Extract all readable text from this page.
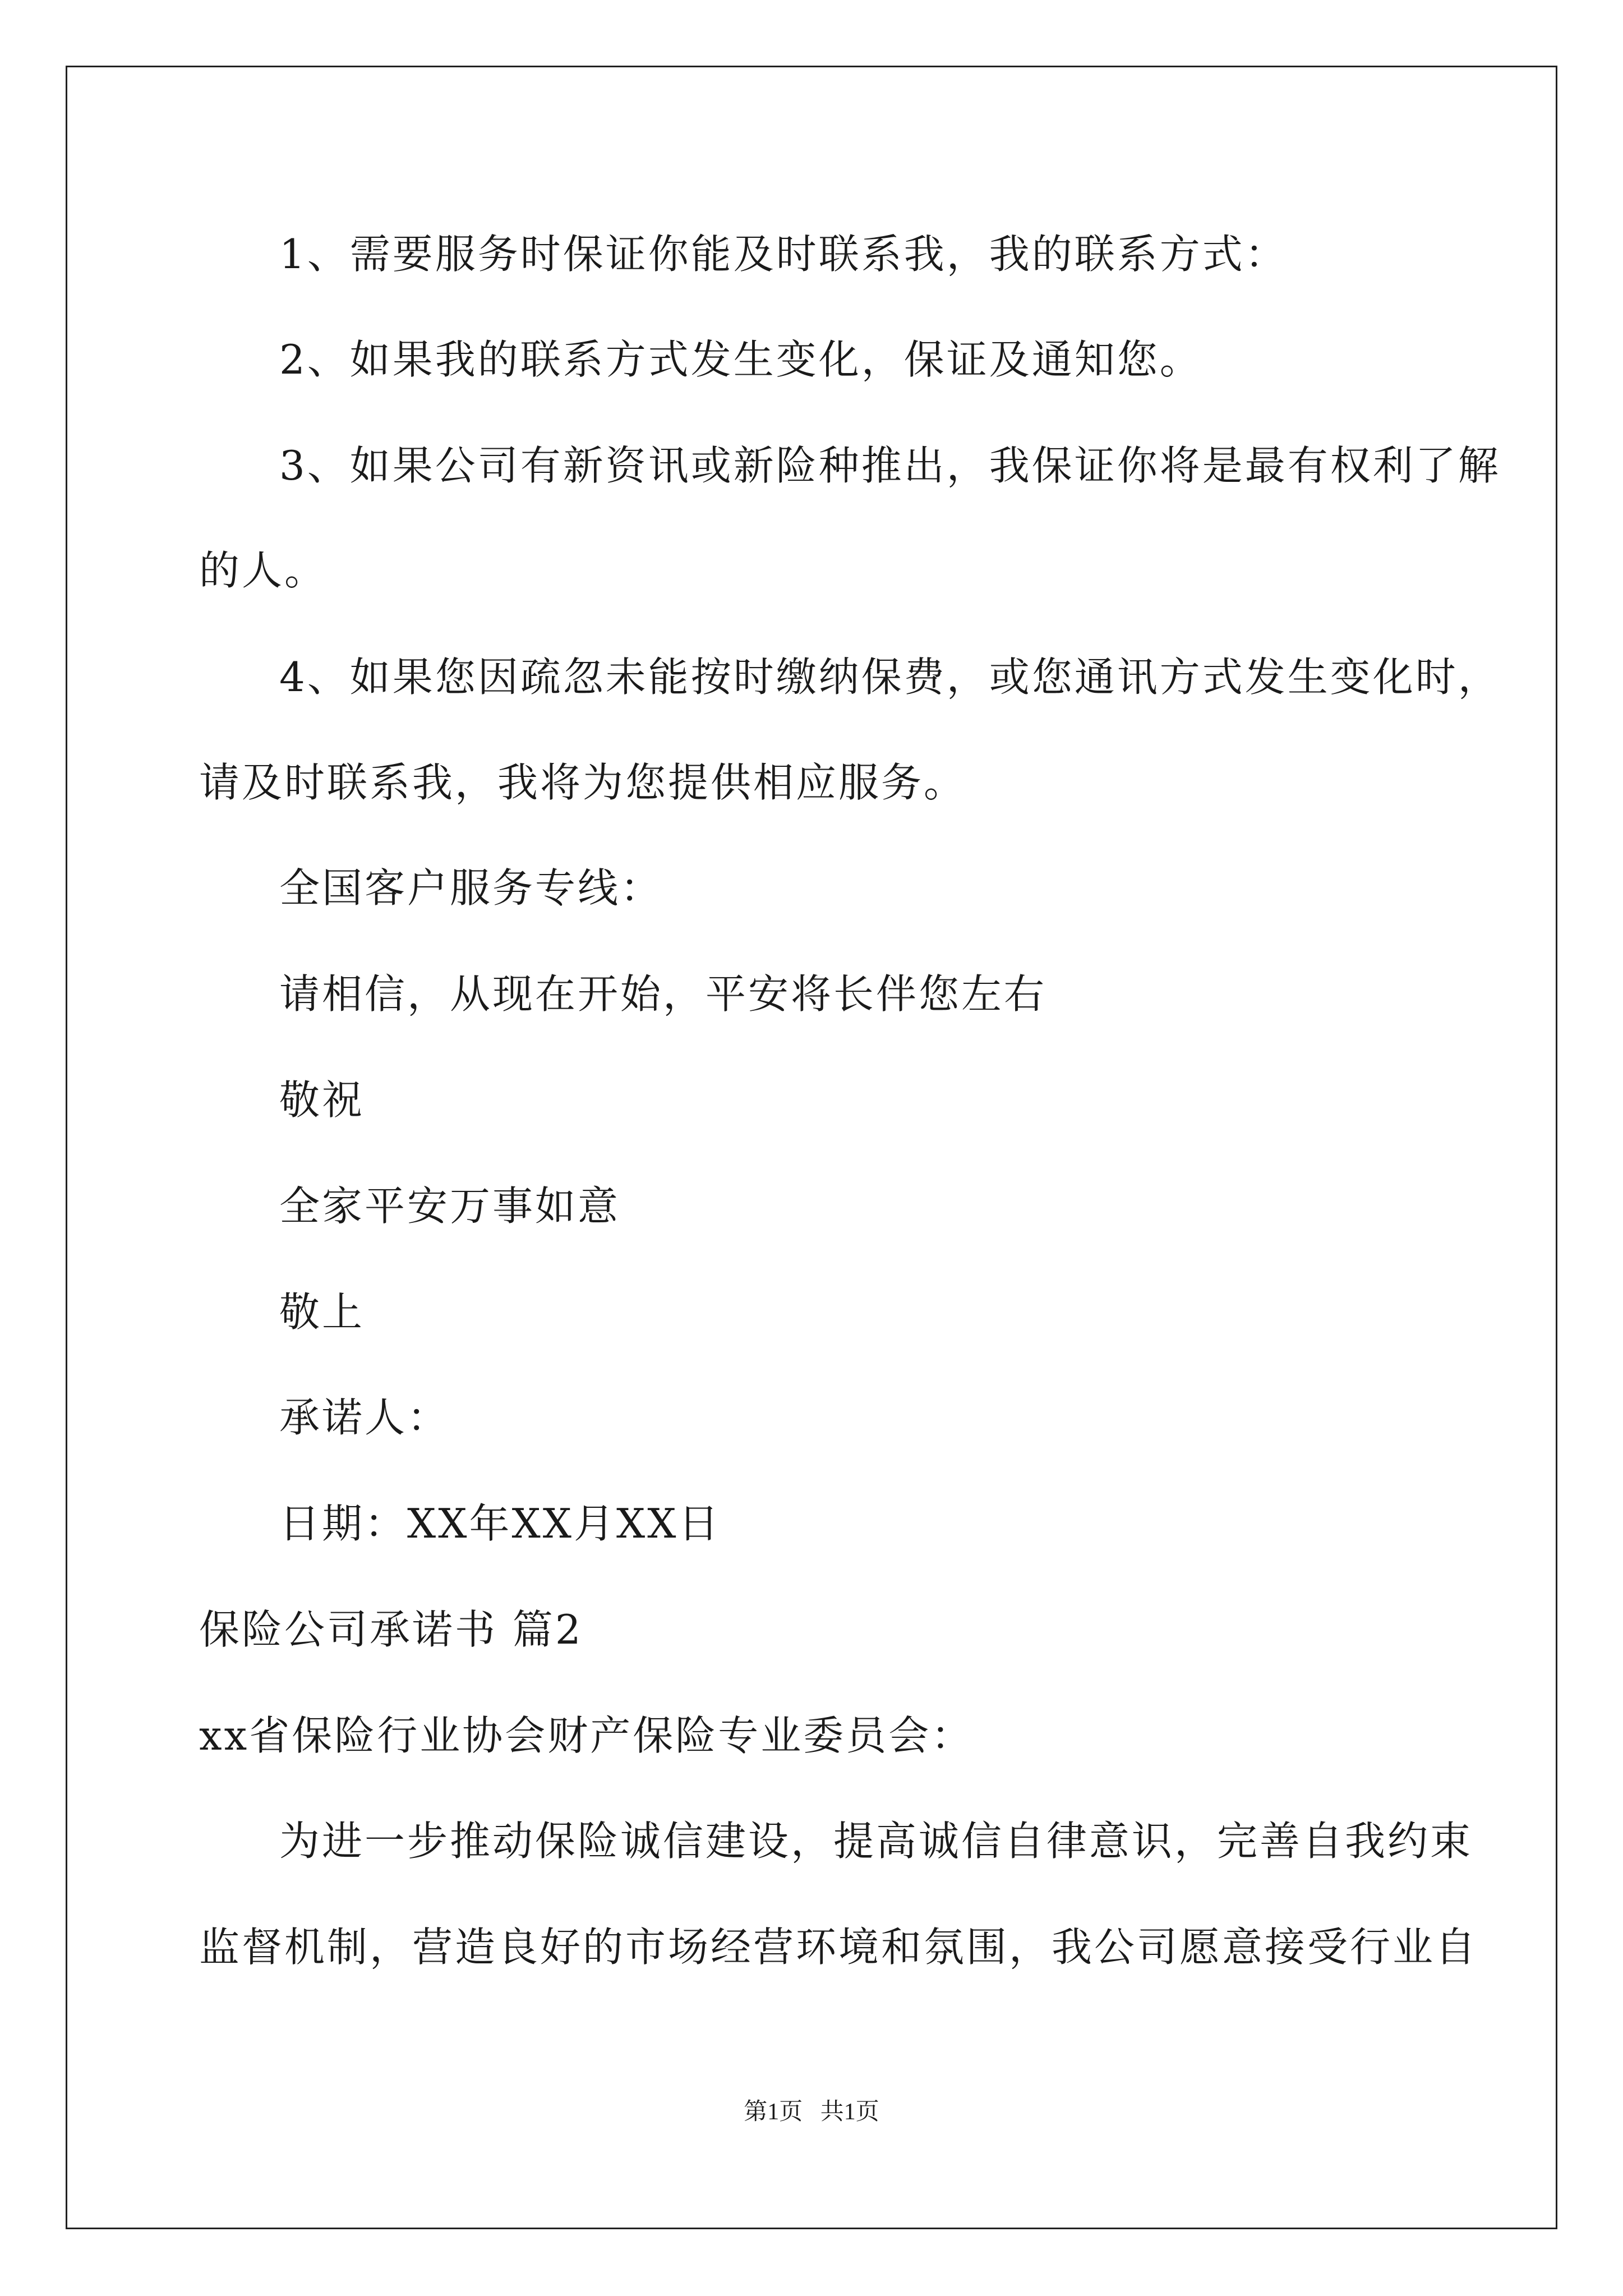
1、需要服务时保证你能及时联系我，我的联系方式：

2、如果我的联系方式发生变化，保证及通知您。

3、如果公司有新资讯或新险种推出，我保证你将是最有权利了解

的人。

4、如果您因疏忽未能按时缴纳保费，或您通讯方式发生变化时，

请及时联系我，我将为您提供相应服务。

全国客户服务专线：

请相信，从现在开始，平安将长伴您左右

敬祝

全家平安万事如意

敬上

承诺人：

日期：XX年XX月XX日

保险公司承诺书 篇2

xx省保险行业协会财产保险专业委员会：

为进一步推动保险诚信建设，提高诚信自律意识，完善自我约束

监督机制，营造良好的市场经营环境和氛围，我公司愿意接受行业自

第1页   共1页
